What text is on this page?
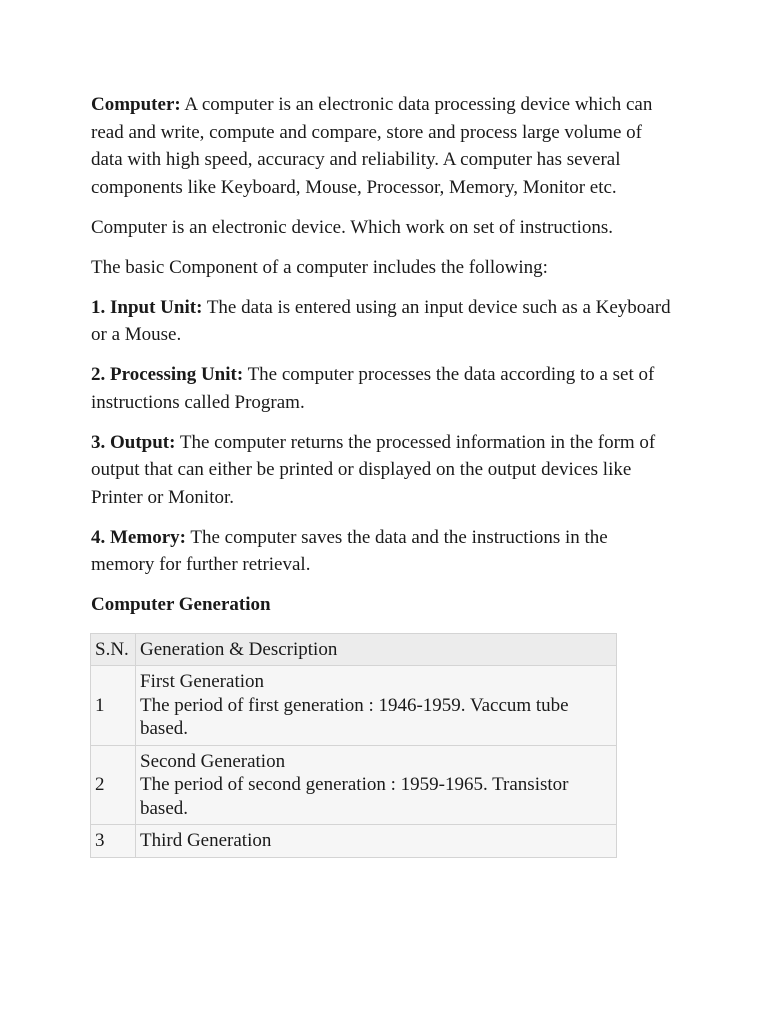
Computer: A computer is an electronic data processing device which can read and write, compute and compare, store and process large volume of data with high speed, accuracy and reliability. A computer has several components like Keyboard, Mouse, Processor, Memory, Monitor etc.

Computer is an electronic device. Which work on set of instructions.

The basic Component of a computer includes the following:

1. Input Unit: The data is entered using an input device such as a Keyboard or a Mouse.

2. Processing Unit: The computer processes the data according to a set of instructions called Program.

3. Output: The computer returns the processed information in the form of output that can either be printed or displayed on the output devices like Printer or Monitor.

4. Memory: The computer saves the data and the instructions in the memory for further retrieval.

Computer Generation

S.N.	Generation & Description
1	First Generation
The period of first generation : 1946-1959. Vaccum tube based.

2	Second Generation
The period of second generation : 1959-1965. Transistor based.

3	Third Generation
